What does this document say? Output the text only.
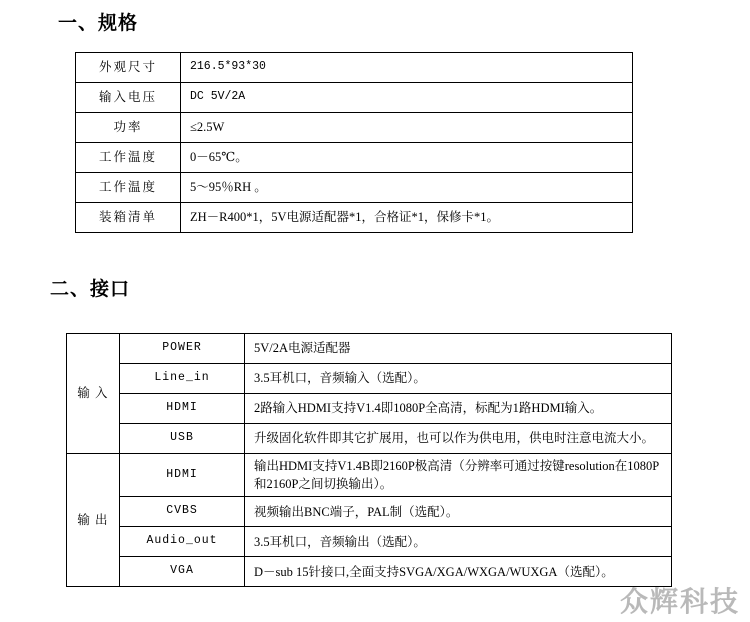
一、规格
外观尺寸	216.5*93*30
输入电压	DC 5V/2A
功率	≤2.5W
工作温度	0－65℃。
工作温度	5～95％RH 。
装箱清单	ZH－R400*1，5V电源适配器*1，合格证*1，保修卡*1。
二、接口
输 入	POWER	5V/2A电源适配器
	Line_in	3.5耳机口，音频输入（选配）。
	HDMI	2路输入HDMI支持V1.4即1080P全高清，标配为1路HDMI输入。
	USB	升级固化软件即其它扩展用，也可以作为供电用，供电时注意电流大小。

输 出	HDMI	输出HDMI支持V1.4B即2160P极高清（分辨率可通过按键resolution在1080P和2160P之间切换输出）。
	CVBS	视频输出BNC端子，PAL制（选配）。
	Audio_out	3.5耳机口，音频输出（选配）。
	VGA	D－sub 15针接口,全面支持SVGA/XGA/WXGA/WUXGA（选配）。
众辉科技
